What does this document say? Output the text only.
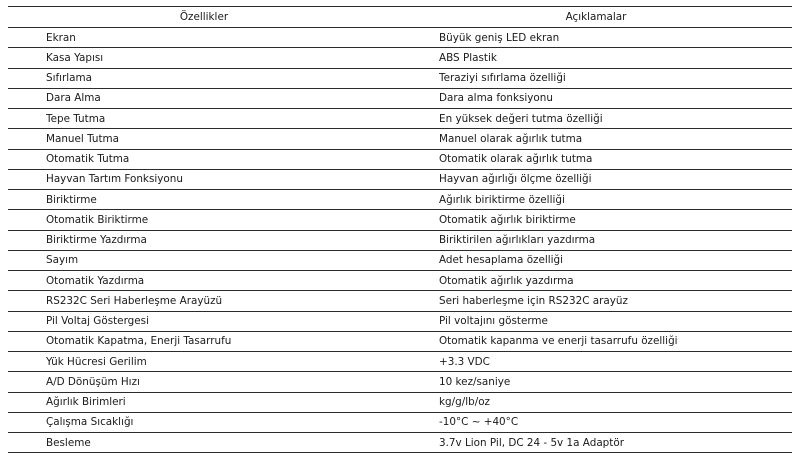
Özellikler	Açıklamalar
Ekran	Büyük geniş LED ekran
Kasa Yapısı	ABS Plastik
Sıfırlama	Teraziyi sıfırlama özelliği
Dara Alma	Dara alma fonksiyonu
Tepe Tutma	En yüksek değeri tutma özelliği
Manuel Tutma	Manuel olarak ağırlık tutma
Otomatik Tutma	Otomatik olarak ağırlık tutma
Hayvan Tartım Fonksiyonu	Hayvan ağırlığı ölçme özelliği
Biriktirme	Ağırlık biriktirme özelliği
Otomatik Biriktirme	Otomatik ağırlık biriktirme
Biriktirme Yazdırma	Biriktirilen ağırlıkları yazdırma
Sayım	Adet hesaplama özelliği
Otomatik Yazdırma	Otomatik ağırlık yazdırma
RS232C Seri Haberleşme Arayüzü	Seri haberleşme için RS232C arayüz
Pil Voltaj Göstergesi	Pil voltajını gösterme
Otomatik Kapatma, Enerji Tasarrufu	Otomatik kapanma ve enerji tasarrufu özelliği
Yük Hücresi Gerilim	+3.3 VDC
A/D Dönüşüm Hızı	10 kez/saniye
Ağırlık Birimleri	kg/g/lb/oz
Çalışma Sıcaklığı	-10°C ~ +40°C
Besleme	3.7v Lion Pil, DC 24 - 5v 1a Adaptör
